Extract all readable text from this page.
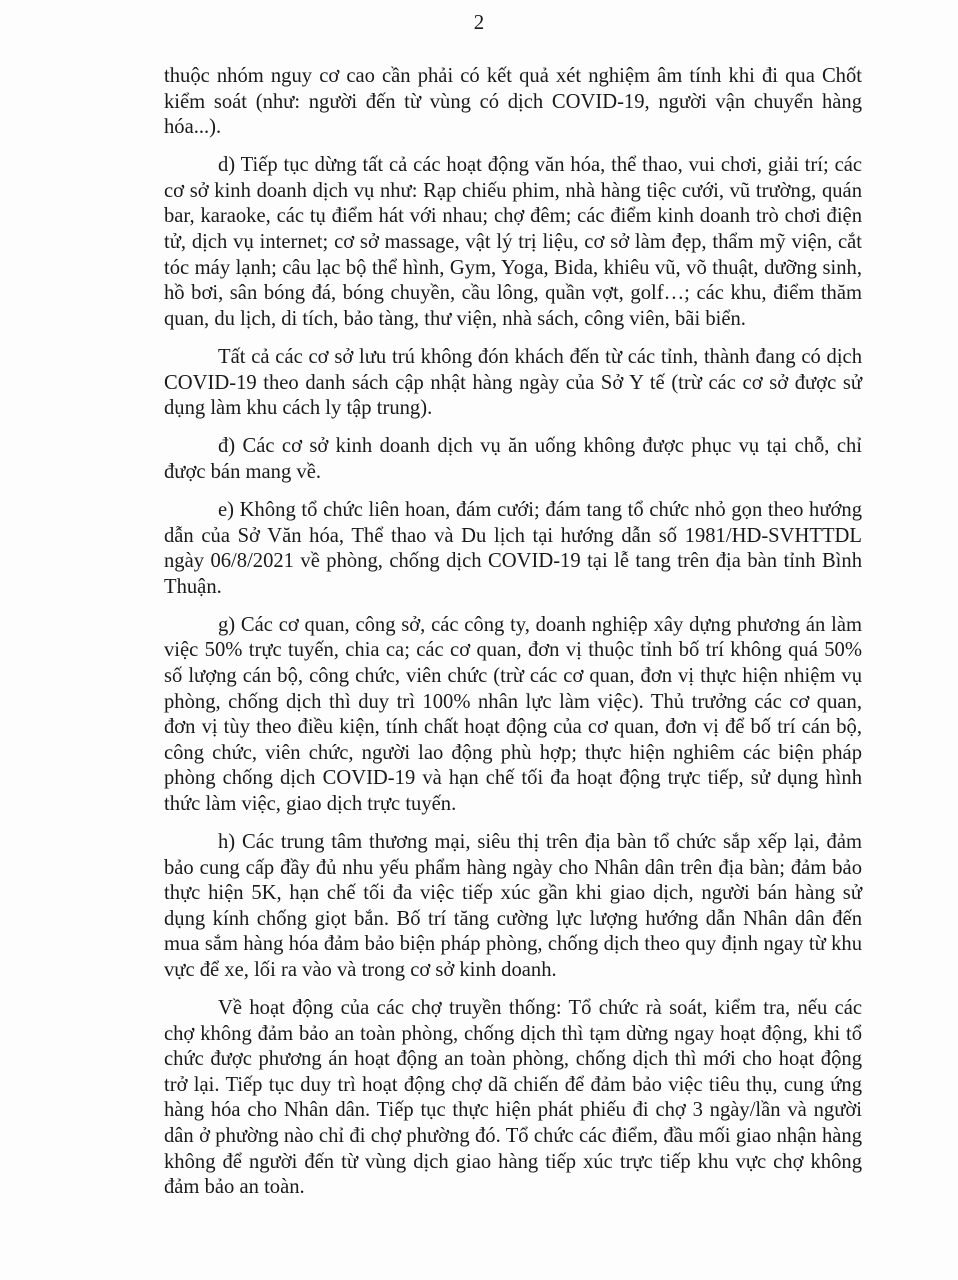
2

thuộc nhóm nguy cơ cao cần phải có kết quả xét nghiệm âm tính khi đi qua Chốt kiểm soát (như: người đến từ vùng có dịch COVID-19, người vận chuyển hàng hóa...).

d) Tiếp tục dừng tất cả các hoạt động văn hóa, thể thao, vui chơi, giải trí; các cơ sở kinh doanh dịch vụ như: Rạp chiếu phim, nhà hàng tiệc cưới, vũ trường, quán bar, karaoke, các tụ điểm hát với nhau; chợ đêm; các điểm kinh doanh trò chơi điện tử, dịch vụ internet; cơ sở massage, vật lý trị liệu, cơ sở làm đẹp, thẩm mỹ viện, cắt tóc máy lạnh; câu lạc bộ thể hình, Gym, Yoga, Bida, khiêu vũ, võ thuật, dưỡng sinh, hồ bơi, sân bóng đá, bóng chuyền, cầu lông, quần vợt, golf…; các khu, điểm thăm quan, du lịch, di tích, bảo tàng, thư viện, nhà sách, công viên, bãi biển.

Tất cả các cơ sở lưu trú không đón khách đến từ các tỉnh, thành đang có dịch COVID-19 theo danh sách cập nhật hàng ngày của Sở Y tế (trừ các cơ sở được sử dụng làm khu cách ly tập trung).

đ) Các cơ sở kinh doanh dịch vụ ăn uống không được phục vụ tại chỗ, chỉ được bán mang về.

e) Không tổ chức liên hoan, đám cưới; đám tang tổ chức nhỏ gọn theo hướng dẫn của Sở Văn hóa, Thể thao và Du lịch tại hướng dẫn số 1981/HD-SVHTTDL ngày 06/8/2021 về phòng, chống dịch COVID-19 tại lễ tang trên địa bàn tỉnh Bình Thuận.

g) Các cơ quan, công sở, các công ty, doanh nghiệp xây dựng phương án làm việc 50% trực tuyến, chia ca; các cơ quan, đơn vị thuộc tỉnh bố trí không quá 50% số lượng cán bộ, công chức, viên chức (trừ các cơ quan, đơn vị thực hiện nhiệm vụ phòng, chống dịch thì duy trì 100% nhân lực làm việc). Thủ trưởng các cơ quan, đơn vị tùy theo điều kiện, tính chất hoạt động của cơ quan, đơn vị để bố trí cán bộ, công chức, viên chức, người lao động phù hợp; thực hiện nghiêm các biện pháp phòng chống dịch COVID-19 và hạn chế tối đa hoạt động trực tiếp, sử dụng hình thức làm việc, giao dịch trực tuyến.

h) Các trung tâm thương mại, siêu thị trên địa bàn tổ chức sắp xếp lại, đảm bảo cung cấp đầy đủ nhu yếu phẩm hàng ngày cho Nhân dân trên địa bàn; đảm bảo thực hiện 5K, hạn chế tối đa việc tiếp xúc gần khi giao dịch, người bán hàng sử dụng kính chống giọt bắn. Bố trí tăng cường lực lượng hướng dẫn Nhân dân đến mua sắm hàng hóa đảm bảo biện pháp phòng, chống dịch theo quy định ngay từ khu vực để xe, lối ra vào và trong cơ sở kinh doanh.

Về hoạt động của các chợ truyền thống: Tổ chức rà soát, kiểm tra, nếu các chợ không đảm bảo an toàn phòng, chống dịch thì tạm dừng ngay hoạt động, khi tổ chức được phương án hoạt động an toàn phòng, chống dịch thì mới cho hoạt động trở lại. Tiếp tục duy trì hoạt động chợ dã chiến để đảm bảo việc tiêu thụ, cung ứng hàng hóa cho Nhân dân. Tiếp tục thực hiện phát phiếu đi chợ 3 ngày/lần và người dân ở phường nào chỉ đi chợ phường đó. Tổ chức các điểm, đầu mối giao nhận hàng không để người đến từ vùng dịch giao hàng tiếp xúc trực tiếp khu vực chợ không đảm bảo an toàn.
